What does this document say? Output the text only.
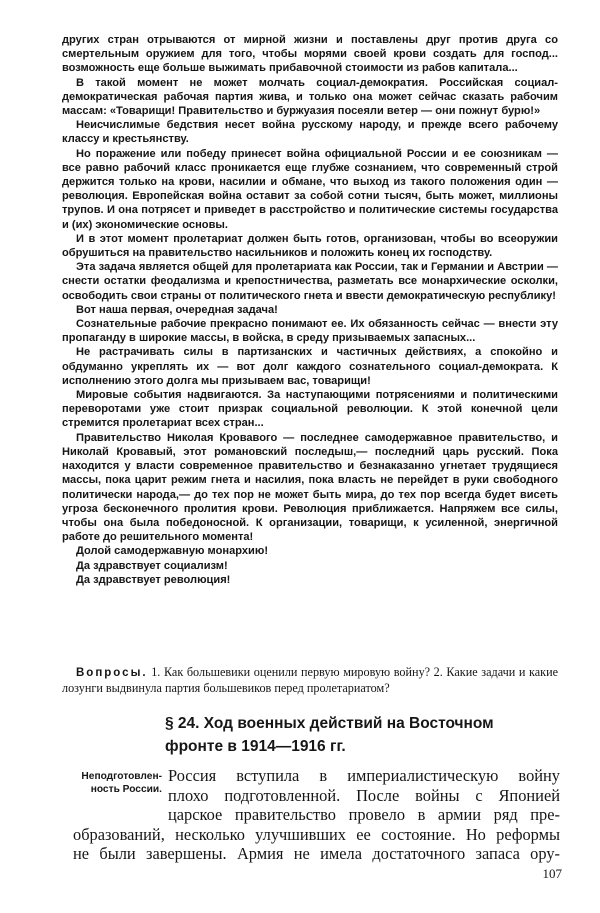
других стран отрываются от мирной жизни и поставлены друг против друга со смертельным оружием для того, чтобы морями своей крови создать для господ... возможность еще больше выжимать прибавочной стоимости из рабов капитала...

В такой момент не может молчать социал-демократия. Российская социал-демократическая рабочая партия жива, и только она может сейчас сказать рабочим массам: «Товарищи! Правительство и буржуазия посеяли ветер — они пожнут бурю!»

Неисчислимые бедствия несет война русскому народу, и прежде всего рабочему классу и крестьянству.

Но поражение или победу принесет война официальной России и ее союзникам — все равно рабочий класс проникается еще глубже сознанием, что современный строй держится только на крови, насилии и обмане, что выход из такого положения один — революция. Европейская война оставит за собой сотни тысяч, быть может, миллионы трупов. И она потрясет и приведет в расстройство и политические системы государства и (их) экономические основы.

И в этот момент пролетариат должен быть готов, организован, чтобы во всеоружии обрушиться на правительство насильников и положить конец их господству.

Эта задача является общей для пролетариата как России, так и Германии и Австрии — снести остатки феодализма и крепостничества, разметать все монархические осколки, освободить свои страны от политического гнета и ввести демократическую республику!

Вот наша первая, очередная задача!

Сознательные рабочие прекрасно понимают ее. Их обязанность сейчас — внести эту пропаганду в широкие массы, в войска, в среду призываемых запасных...

Не растрачивать силы в партизанских и частичных действиях, а спокойно и обдуманно укреплять их — вот долг каждого сознательного социал-демократа. К исполнению этого долга мы призываем вас, товарищи!

Мировые события надвигаются. За наступающими потрясениями и политическими переворотами уже стоит призрак социальной революции. К этой конечной цели стремится пролетариат всех стран...

Правительство Николая Кровавого — последнее самодержавное правительство, и Николай Кровавый, этот романовский последыш,— последний царь русский. Пока находится у власти современное правительство и безнаказанно угнетает трудящиеся массы, пока царит режим гнета и насилия, пока власть не перейдет в руки свободного политически народа,— до тех пор не может быть мира, до тех пор всегда будет висеть угроза бесконечного пролития крови. Революция приближается. Напряжем все силы, чтобы она была победоносной. К организации, товарищи, к усиленной, энергичной работе до решительного момента!

Долой самодержавную монархию!

Да здравствует социализм!

Да здравствует революция!

Вопросы. 1. Как большевики оценили первую мировую войну? 2. Какие задачи и какие лозунги выдвинула партия большевиков перед пролетариатом?
§ 24. Ход военных действий на Восточном
фронте в 1914—1916 гг.
Неподготовлен-
ность России.
Россия вступила в империалистическую войну
плохо подготовленной. После войны с Японией
царское правительство провело в армии ряд пре-
образований, несколько улучшивших ее состояние. Но реформы
не были завершены. Армия не имела достаточного запаса ору-
107
